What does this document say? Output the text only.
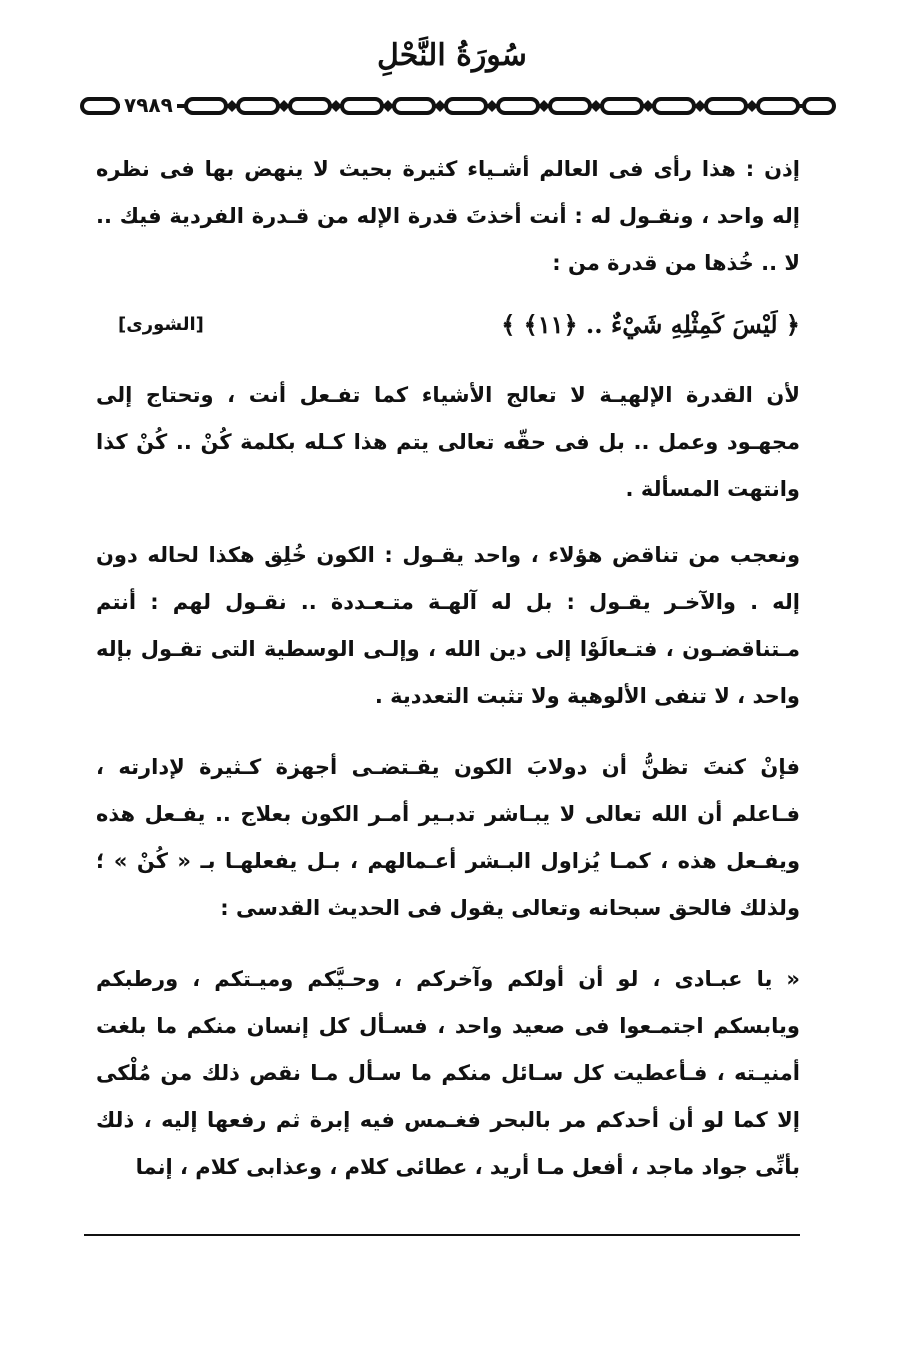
سُورَةُ النَّحْلِ
٧٩٨٩
إذن : هذا رأى فى العالم أشـياء كثيرة بحيث لا ينهض بها فى نظره إله واحد ، ونقـول له : أنت أخذتَ قدرة الإله من قـدرة الفردية فيك .. لا .. خُذها من قدرة من :
﴿ لَيْسَ كَمِثْلِهِ شَيْءٌ .. ﴿١١﴾ ﴾
[الشورى]
لأن القدرة الإلهيـة لا تعالج الأشياء كما تفـعل أنت ، وتحتاج إلى مجهـود وعمل .. بل فى حقّه تعالى يتم هذا كـله بكلمة كُنْ .. كُنْ كذا وانتهت المسألة .
ونعجب من تناقض هؤلاء ، واحد يقـول : الكون خُلِق هكذا لحاله دون إله . والآخـر يقـول : بل له آلهـة متـعـددة .. نقـول لهم : أنتم مـتناقضـون ، فتـعالَوْا إلى دين الله ، وإلـى الوسطية التى تقـول بإله واحد ، لا تنفى الألوهية ولا تثبت التعددية .
فإنْ كنتَ تظنُّ أن دولابَ الكون يقـتضـى أجهزة كـثيرة لإدارته ، فـاعلم أن الله تعالى لا يبـاشر تدبـير أمـر الكون بعلاج .. يفـعل هذه ويفـعل هذه ، كمـا يُزاول البـشر أعـمالهم ، بـل يفعلهـا بـ « كُنْ » ؛ ولذلك فالحق سبحانه وتعالى يقول فى الحديث القدسى :
« يا عبـادى ، لو أن أولكم وآخركم ، وحـيَّكم وميـتكم ، ورطبكم ويابسكم اجتمـعوا فى صعيد واحد ، فسـأل كل إنسان منكم ما بلغت أمنيـته ، فـأعطيت كل سـائل منكم ما سـأل مـا نقص ذلك من مُلْكى إلا كما لو أن أحدكم مر بالبحر فغـمس فيه إبرة ثم رفعها إليه ، ذلك بأنِّى جواد ماجد ، أفعل مـا أريد ، عطائى كلام ، وعذابى كلام ، إنما
